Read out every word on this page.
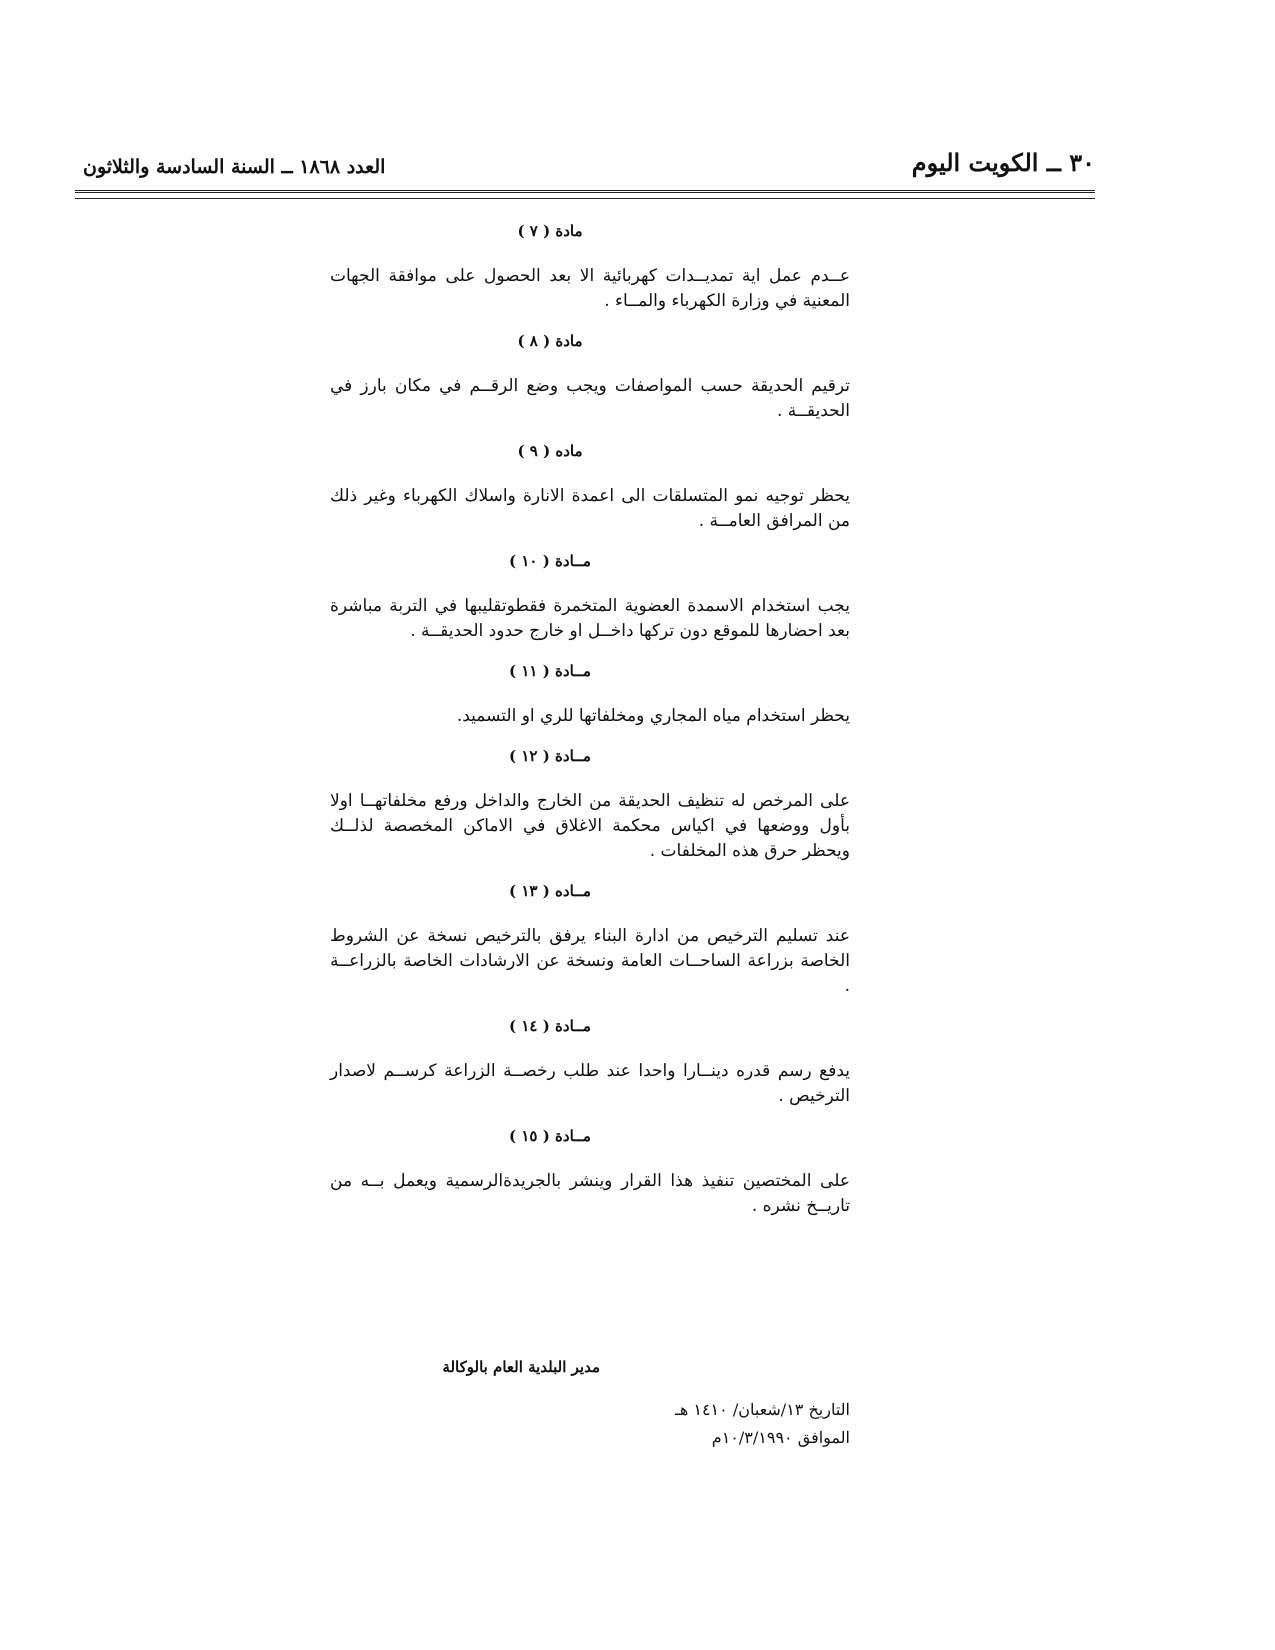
٣٠ ــ الكويت اليوم
العدد ١٨٦٨ ــ السنة السادسة والثلاثون
مادة ( ٧ )

عــدم عمل اية تمديــدات كهربائية الا بعد الحصول على موافقة الجهات المعنية في وزارة الكهرباء والمــاء .

مادة ( ٨ )

ترقيم الحديقة حسب المواصفات ويجب وضع الرقــم في مكان بارز في الحديقــة .

ماده ( ٩ )

يحظر توجيه نمو المتسلقات الى اعمدة الانارة واسلاك الكهرباء وغير ذلك من المرافق العامــة .

مــادة ( ١٠ )

يجب استخدام الاسمدة العضوية المتخمرة فقطوتقليبها في التربة مباشرة بعد احضارها للموقع دون تركها داخــل او خارج حدود الحديقــة .

مــادة ( ١١ )

يحظر استخدام مياه المجاري ومخلفاتها للري او التسميد.

مــادة ( ١٢ )

على المرخص له تنظيف الحديقة من الخارج والداخل ورفع مخلفاتهــا اولا بأول ووضعها في اكياس محكمة الاغلاق في الاماكن المخصصة لذلــك ويحظر حرق هذه المخلفات .

مــاده ( ١٣ )

عند تسليم الترخيص من ادارة البناء يرفق بالترخيص نسخة عن الشروط الخاصة بزراعة الساحــات العامة ونسخة عن الارشادات الخاصة بالزراعــة .

مــادة ( ١٤ )

يدفع رسم قدره دينــارا واحدا عند طلب رخصــة الزراعة كرســم لاصدار الترخيص .

مــادة ( ١٥ )

على المختصين تنفيذ هذا القرار وينشر بالجريدةالرسمية ويعمل بــه من تاريــخ نشره .

مدير البلدية العام بالوكالة
التاريخ ١٣/شعبان/ ١٤١٠ هـ
الموافق ١٠/٣/١٩٩٠م
